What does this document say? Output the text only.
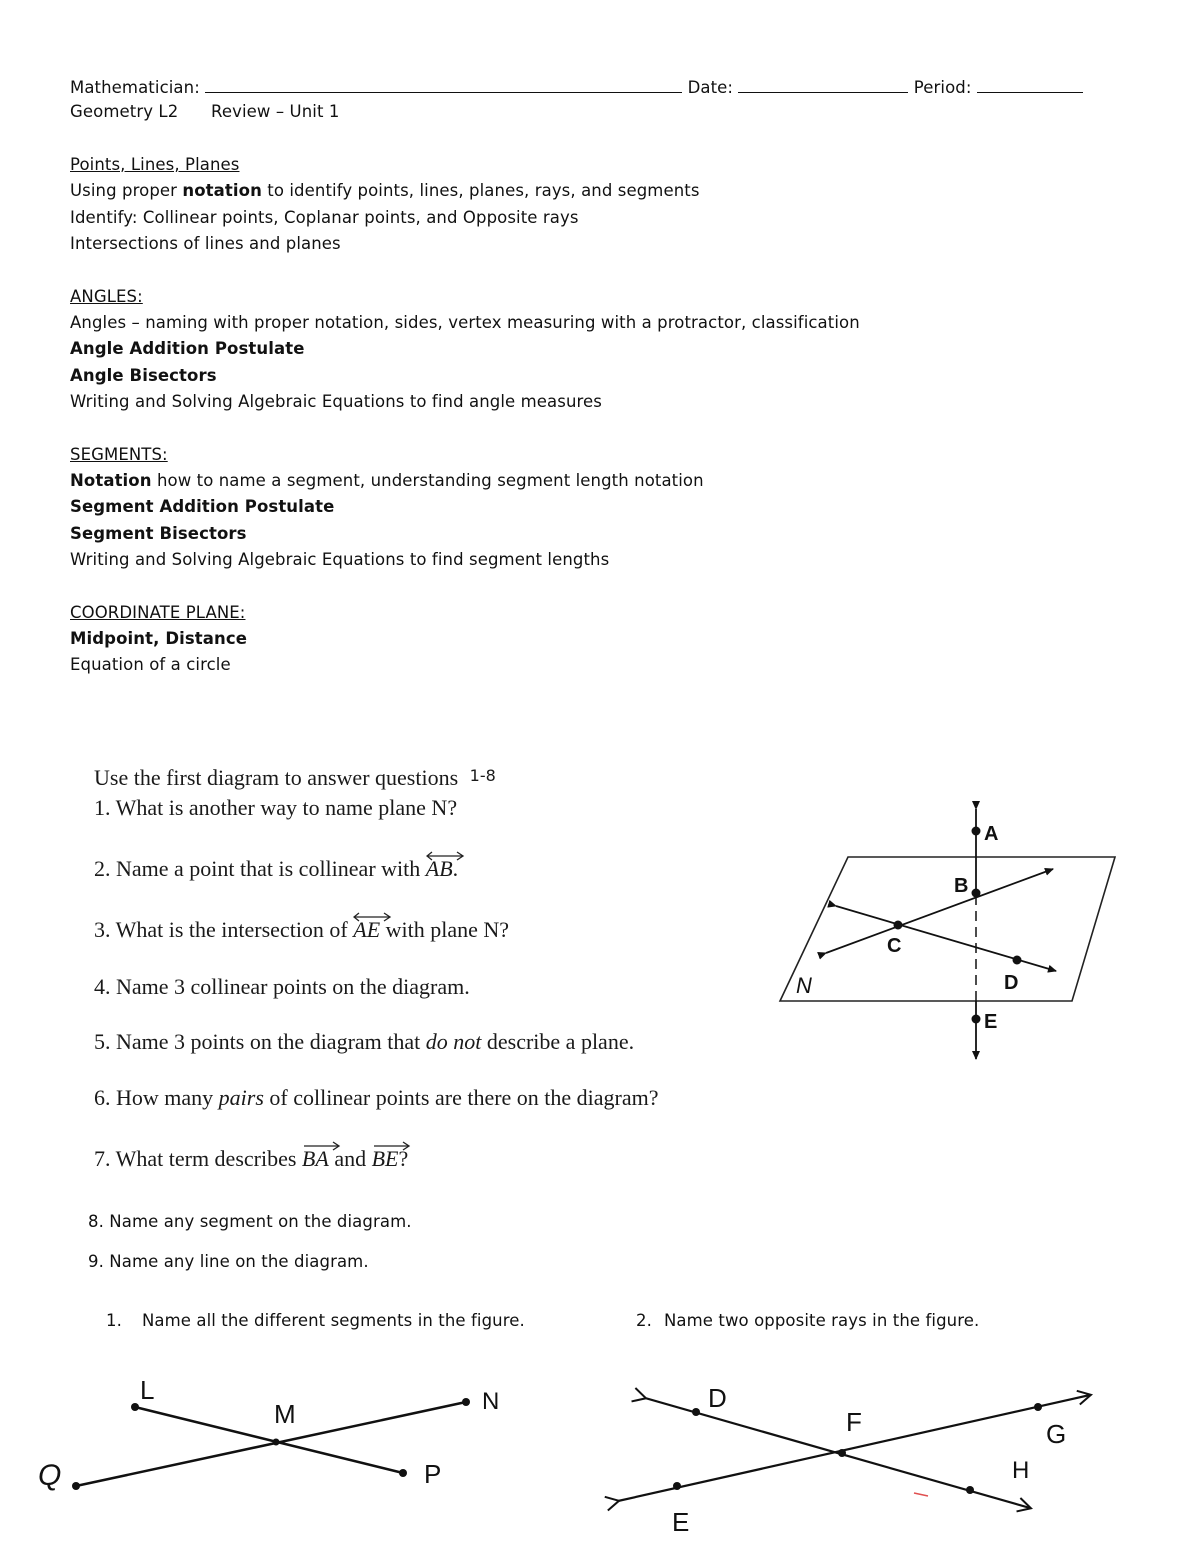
Mathematician:	Date:	Period:
Geometry L2 Review – Unit 1
Points, Lines, Planes
Using proper notation to identify points, lines, planes, rays, and segments
Identify: Collinear points, Coplanar points, and Opposite rays
Intersections of lines and planes
ANGLES:
Angles – naming with proper notation, sides, vertex measuring with a protractor, classification
Angle Addition Postulate
Angle Bisectors
Writing and Solving Algebraic Equations to find angle measures
SEGMENTS:
Notation how to name a segment, understanding segment length notation
Segment Addition Postulate
Segment Bisectors
Writing and Solving Algebraic Equations to find segment lengths
COORDINATE PLANE:
Midpoint, Distance
Equation of a circle
Use the first diagram to answer questions 1-8
1. What is another way to name plane N?
2. Name a point that is collinear with
AB.
3. What is the intersection of
AE with plane N?
4. Name 3 collinear points on the diagram.
5. Name 3 points on the diagram that do not describe a plane.
6. How many pairs of collinear points are there on the diagram?
7. What term describes
BA and
BE?
8. Name any segment on the diagram.
9. Name any line on the diagram.
A
B
C
D
E
N
1. Name all the different segments in the figure.	2. Name two opposite rays in the figure.
L
M	N
Q	P
D
F	G
E
H
